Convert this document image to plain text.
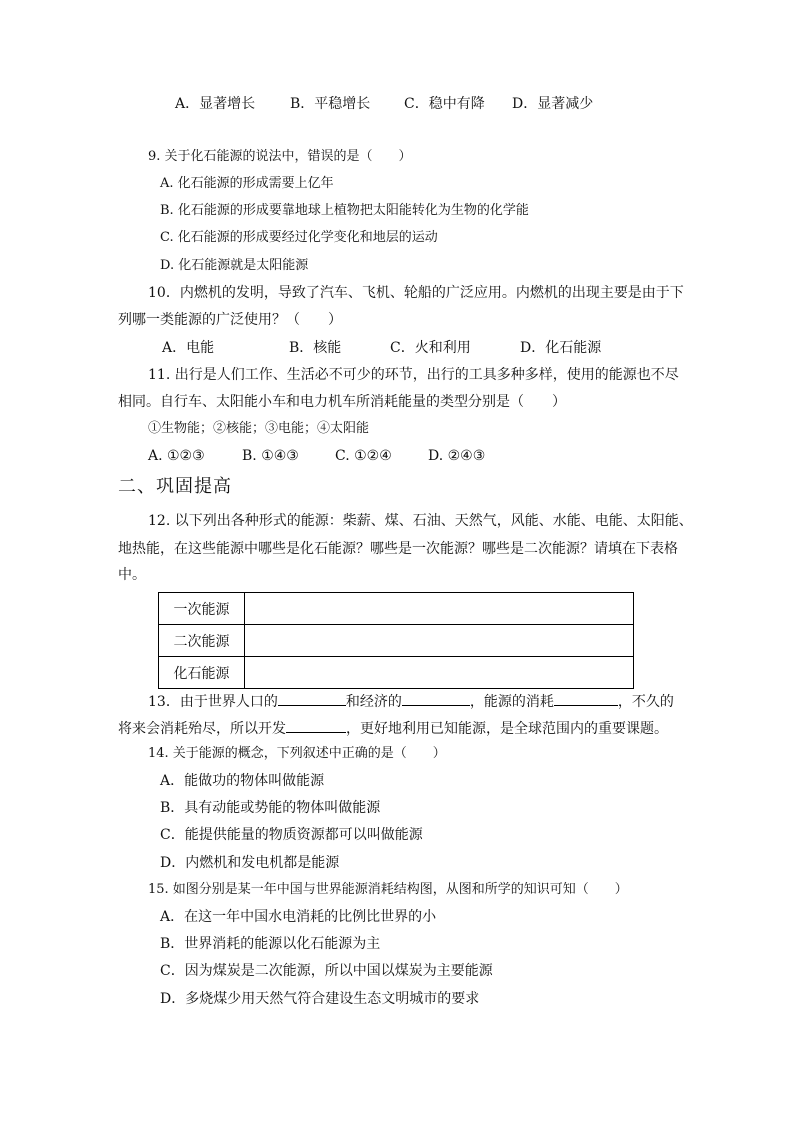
A．显著增长 B．平稳增长 C．稳中有降 D．显著减少
9. 关于化石能源的说法中，错误的是（　　）
A. 化石能源的形成需要上亿年
B. 化石能源的形成要靠地球上植物把太阳能转化为生物的化学能
C. 化石能源的形成要经过化学变化和地层的运动
D. 化石能源就是太阳能源
10．内燃机的发明，导致了汽车、飞机、轮船的广泛应用。内燃机的出现主要是由于下
列哪一类能源的广泛使用？（　　）
A．电能	B．核能	C．火和利用	D．化石能源
11. 出行是人们工作、生活必不可少的环节，出行的工具多种多样，使用的能源也不尽
相同。自行车、太阳能小车和电力机车所消耗能量的类型分别是（　　）
①生物能；②核能；③电能；④太阳能
A. ①②③	B. ①④③	C. ①②④	D. ②④③
二、巩固提高
12. 以下列出各种形式的能源：柴薪、煤、石油、天然气，风能、水能、电能、太阳能、
地热能，在这些能源中哪些是化石能源？哪些是一次能源？哪些是二次能源？请填在下表格
中。
一次能源	
二次能源	
化石能源	
13．由于世界人口的	和经济的	，能源的消耗	，不久的
将来会消耗殆尽，所以开发	，更好地利用已知能源，是全球范围内的重要课题。
14. 关于能源的概念，下列叙述中正确的是（　　）
A．能做功的物体叫做能源
B．具有动能或势能的物体叫做能源
C．能提供能量的物质资源都可以叫做能源
D．内燃机和发电机都是能源
15. 如图分别是某一年中国与世界能源消耗结构图，从图和所学的知识可知（　　）
A．在这一年中国水电消耗的比例比世界的小
B．世界消耗的能源以化石能源为主
C．因为煤炭是二次能源，所以中国以煤炭为主要能源
D．多烧煤少用天然气符合建设生态文明城市的要求
